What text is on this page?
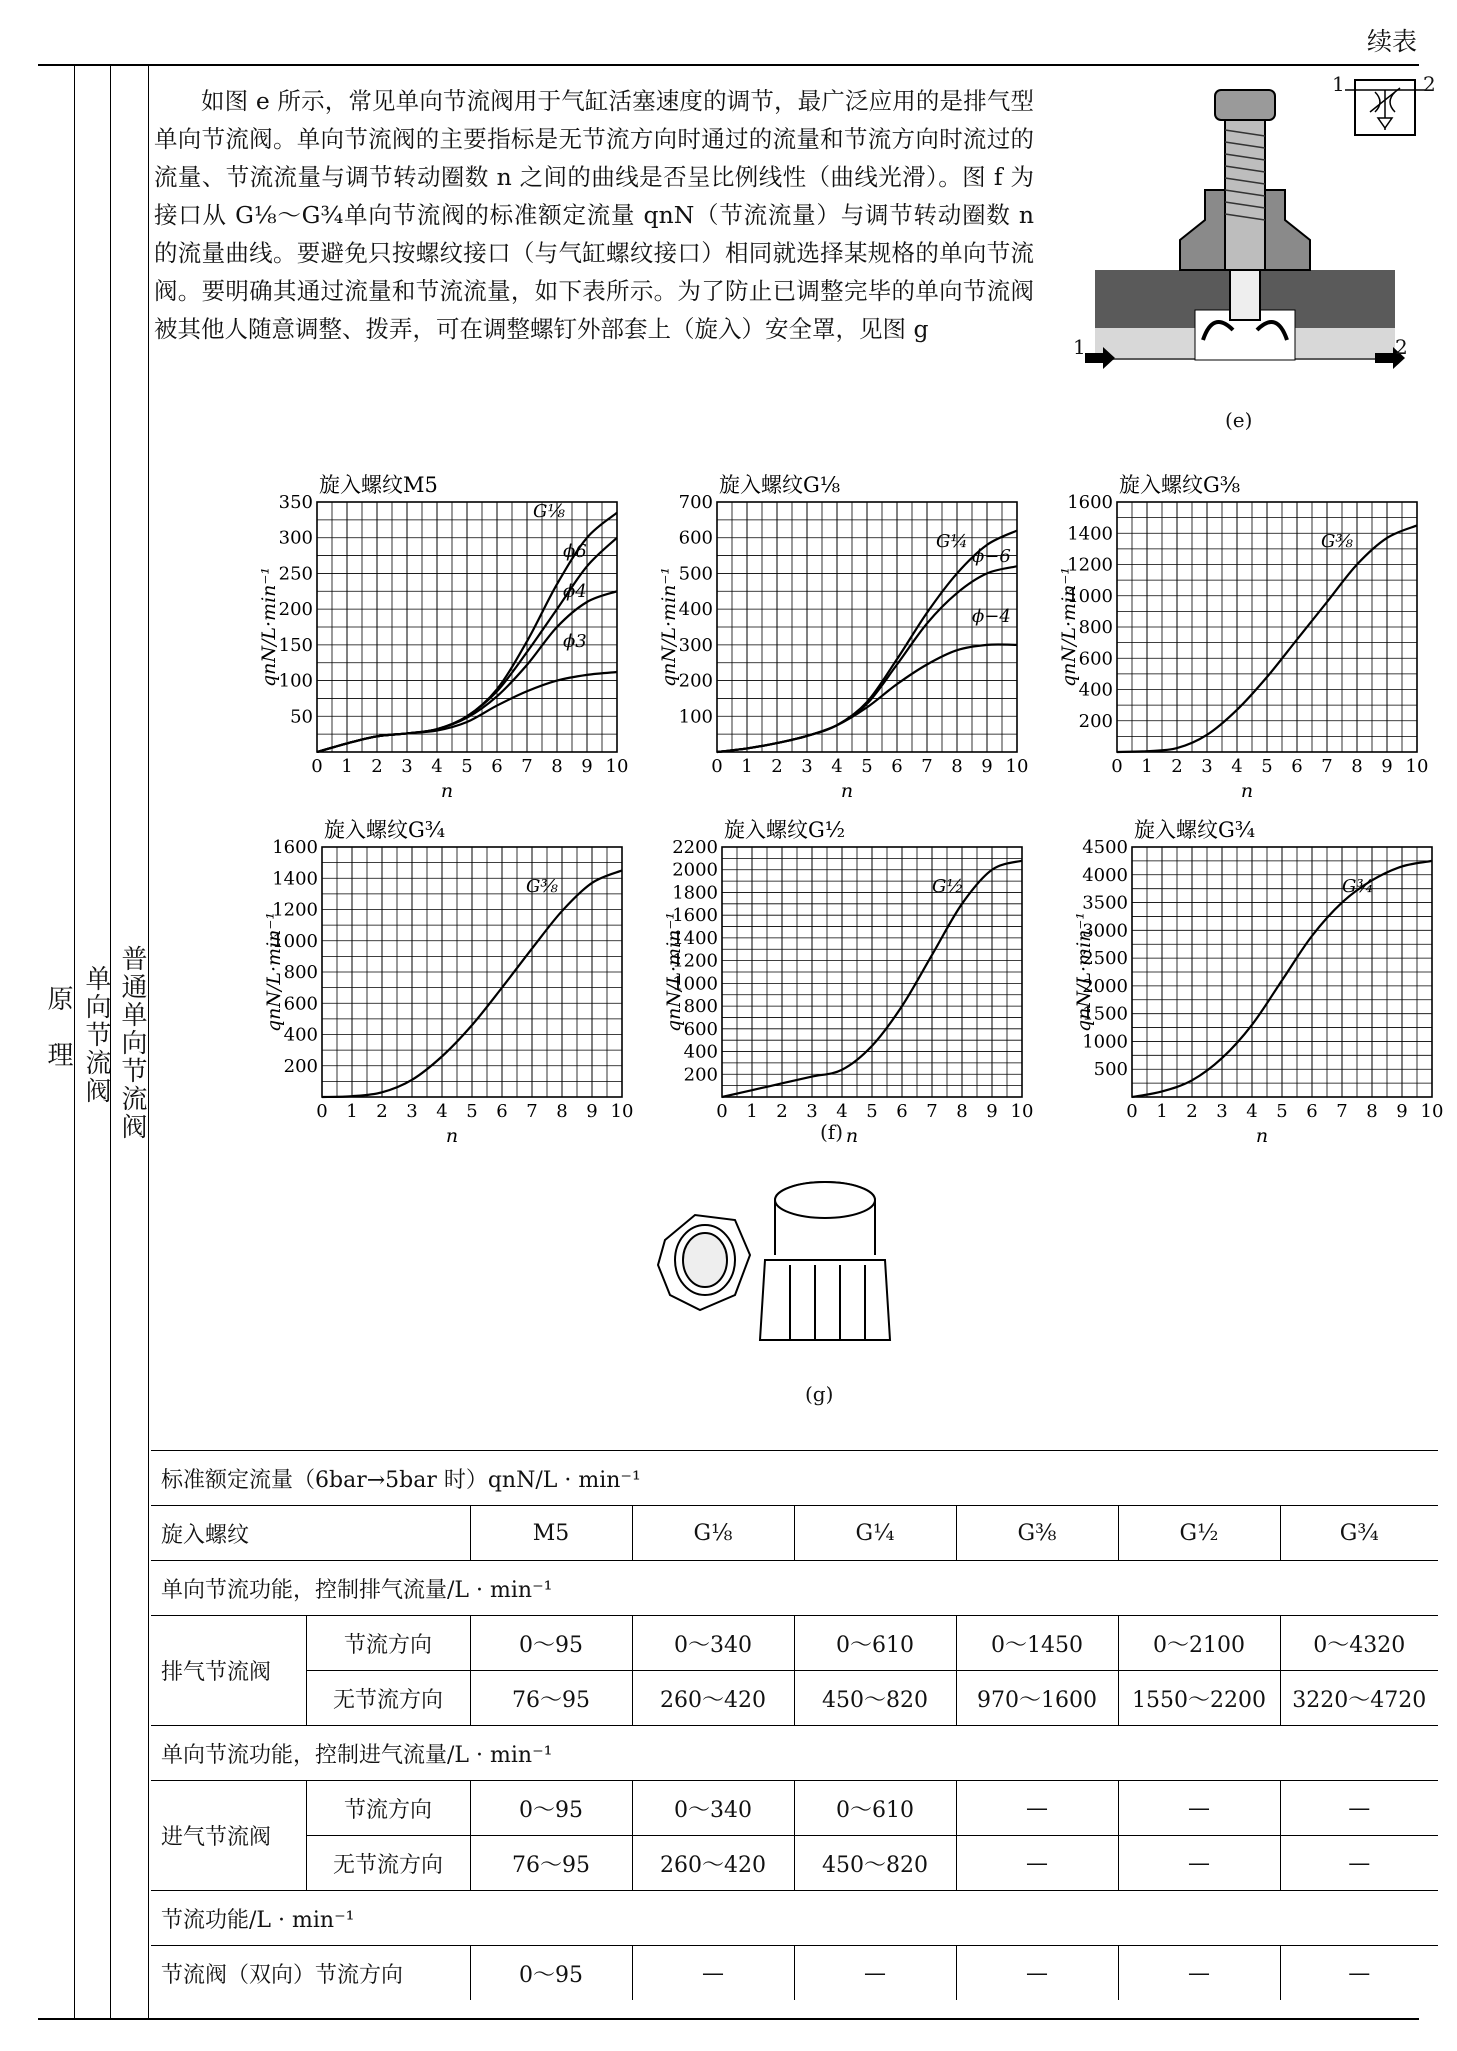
续表
原理 单向节流阀 普通单向节流阀

如图 e 所示，常见单向节流阀用于气缸活塞速度的调节，最广泛应用的是排气型单向节流阀。单向节流阀的主要指标是无节流方向时通过的流量和节流方向时流过的流量、节流流量与调节转动圈数 n 之间的曲线是否呈比例线性（曲线光滑）。图 f 为接口从 G⅛～G¾单向节流阀的标准额定流量 qnN（节流流量）与调节转动圈数 n 的流量曲线。要避免只按螺纹接口（与气缸螺纹接口）相同就选择某规格的单向节流阀。要明确其通过流量和节流流量，如下表所示。为了防止已调整完毕的单向节流阀被其他人随意调整、拨弄，可在调整螺钉外部套上（旋入）安全罩，见图 g

1	2
1	2
(e)
0 1 2 3 4 5 6 7 8 9 10
50
100
150
200
250
300
350
旋入螺纹M5
n
qnN/L·min⁻¹
G⅛
ϕ6
ϕ4
ϕ3
0 1 2 3 4 5 6 7 8 9 10
100
200
300
400
500
600
700
旋入螺纹G⅛
n
qnN/L·min⁻¹
G¼
ϕ−6
ϕ−4
0 1 2 3 4 5 6 7 8 9 10
200
400
600
800
1000
1200
1400
1600
旋入螺纹G⅜
n
qnN/L·min⁻¹
G⅜
0 1 2 3 4 5 6 7 8 9 10
200
400
600
800
1000
1200
1400
1600
旋入螺纹G¾
n
qnN/L·min⁻¹
G⅜
0 1 2 3 4 5 6 7 8 9 10
200
400
600
800
1000
1200
1400
1600
1800
2000
2200
旋入螺纹G½
n
qnN/L·min⁻¹
G½
0 1 2 3 4 5 6 7 8 9 10
500
1000
1500
2000
2500
3000
3500
4000
4500
旋入螺纹G¾
n
qnN/L·min⁻¹
G¾
(f)
(g)
标准额定流量（6bar→5bar 时）qnN/L · min⁻¹							
旋入螺纹		M5	G⅛	G¼	G⅜	G½	G¾
单向节流功能，控制排气流量/L · min⁻¹							
排气节流阀	节流方向	0～95	0～340	0～610	0～1450	0～2100	0～4320
	无节流方向	76～95	260～420	450～820	970～1600	1550～2200	3220～4720
单向节流功能，控制进气流量/L · min⁻¹							
进气节流阀	节流方向	0～95	0～340	0～610	—	—	—
	无节流方向	76～95	260～420	450～820	—	—	—
节流功能/L · min⁻¹							
节流阀（双向）节流方向		0～95	—	—	—	—	—
